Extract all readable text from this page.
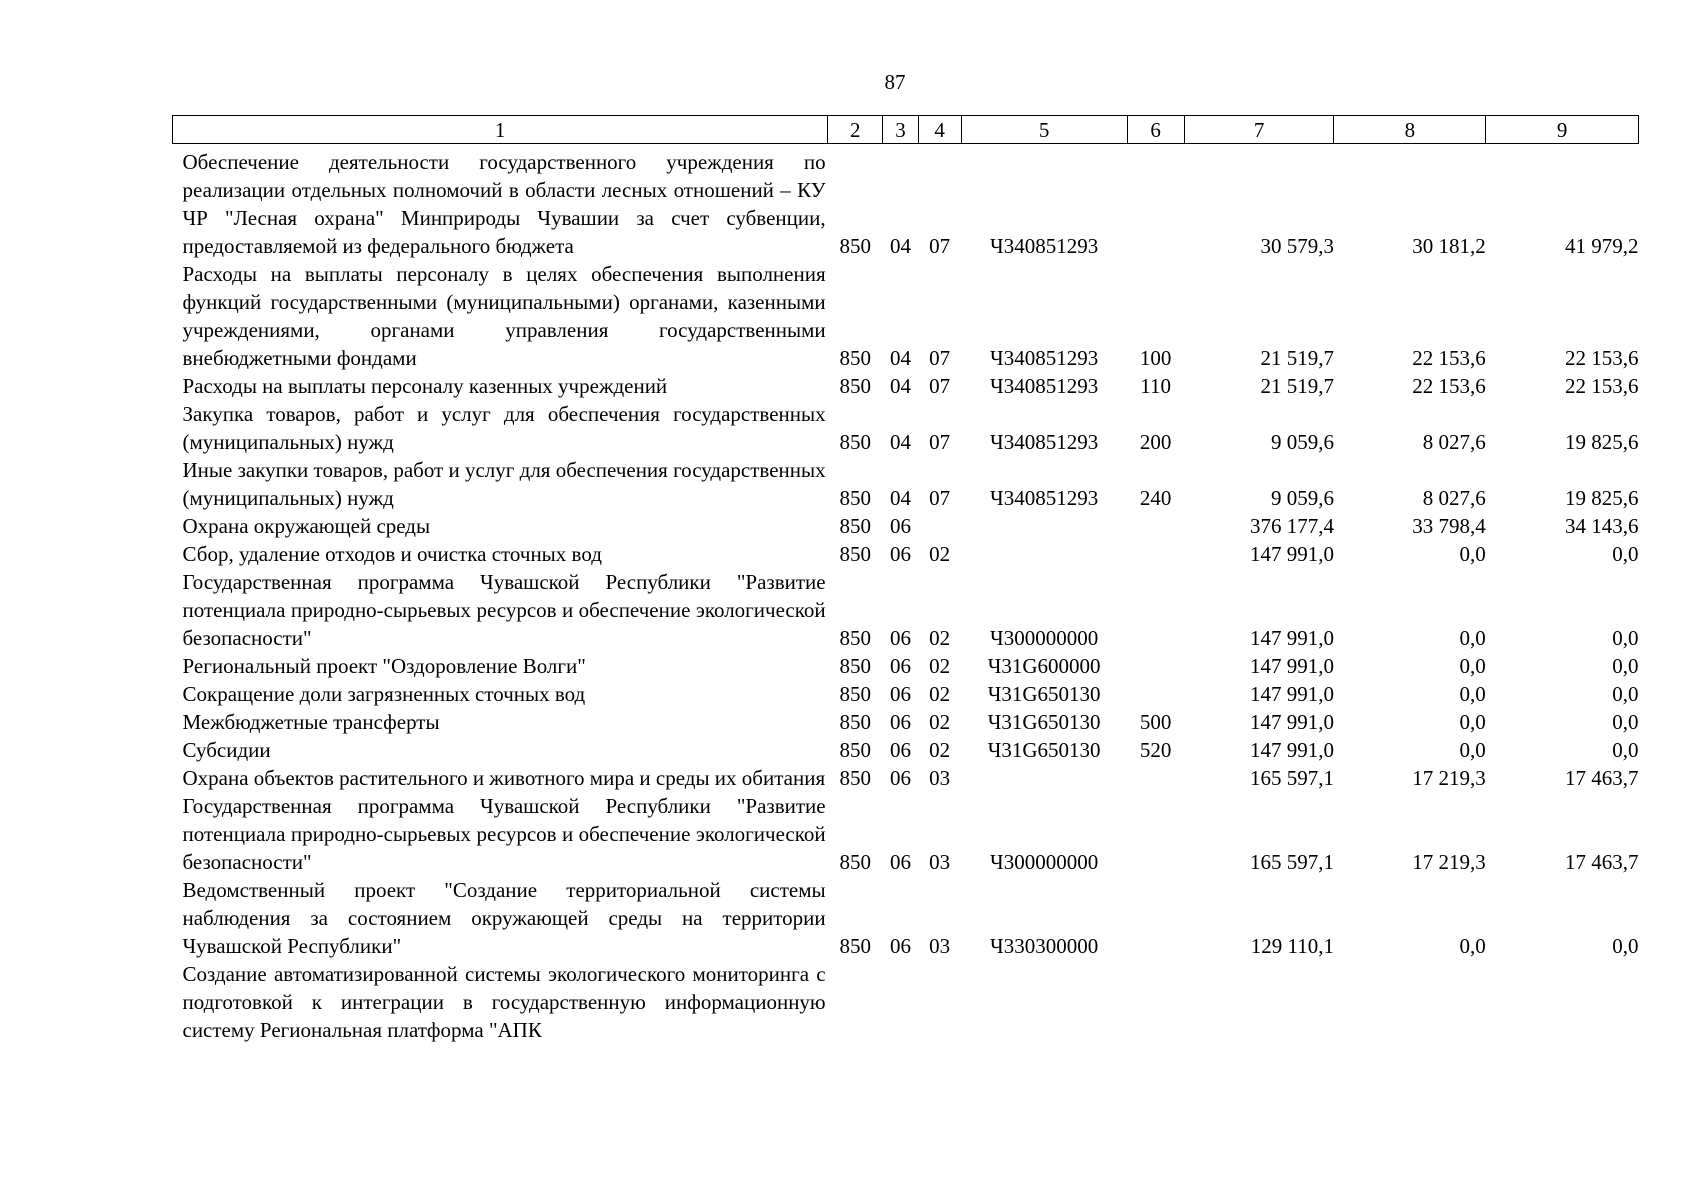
87
1	2	3	4	5	6	7	8	9
Обеспечение деятельности государственного учреждения по реализации отдельных полномочий в области лесных отношений – КУ ЧР "Лесная охрана" Минприроды Чувашии за счет субвенции, предоставляемой из федерального бюджета	850	04	07	Ч340851293		30 579,3	30 181,2	41 979,2
Расходы на выплаты персоналу в целях обеспечения выполнения функций государственными (муниципальными) органами, казенными учреждениями, органами управления государственными внебюджетными фондами	850	04	07	Ч340851293	100	21 519,7	22 153,6	22 153,6
Расходы на выплаты персоналу казенных учреждений	850	04	07	Ч340851293	110	21 519,7	22 153,6	22 153,6
Закупка товаров, работ и услуг для обеспечения государственных (муниципальных) нужд	850	04	07	Ч340851293	200	9 059,6	8 027,6	19 825,6
Иные закупки товаров, работ и услуг для обеспечения государственных (муниципальных) нужд	850	04	07	Ч340851293	240	9 059,6	8 027,6	19 825,6
Охрана окружающей среды	850	06				376 177,4	33 798,4	34 143,6
Сбор, удаление отходов и очистка сточных вод	850	06	02			147 991,0	0,0	0,0
Государственная программа Чувашской Республики "Развитие потенциала природно-сырьевых ресурсов и обеспечение экологической безопасности"	850	06	02	Ч300000000		147 991,0	0,0	0,0
Региональный проект "Оздоровление Волги"	850	06	02	Ч31G600000		147 991,0	0,0	0,0
Сокращение доли загрязненных сточных вод	850	06	02	Ч31G650130		147 991,0	0,0	0,0
Межбюджетные трансферты	850	06	02	Ч31G650130	500	147 991,0	0,0	0,0
Субсидии	850	06	02	Ч31G650130	520	147 991,0	0,0	0,0
Охрана объектов растительного и животного мира и среды их обитания	850	06	03			165 597,1	17 219,3	17 463,7
Государственная программа Чувашской Республики "Развитие потенциала природно-сырьевых ресурсов и обеспечение экологической безопасности"	850	06	03	Ч300000000		165 597,1	17 219,3	17 463,7
Ведомственный проект "Создание территориальной системы наблюдения за состоянием окружающей среды на территории Чувашской Республики"	850	06	03	Ч330300000		129 110,1	0,0	0,0
Создание автоматизированной системы экологического мониторинга с подготовкой к интеграции в государственную информационную систему Региональная платформа "АПК								
